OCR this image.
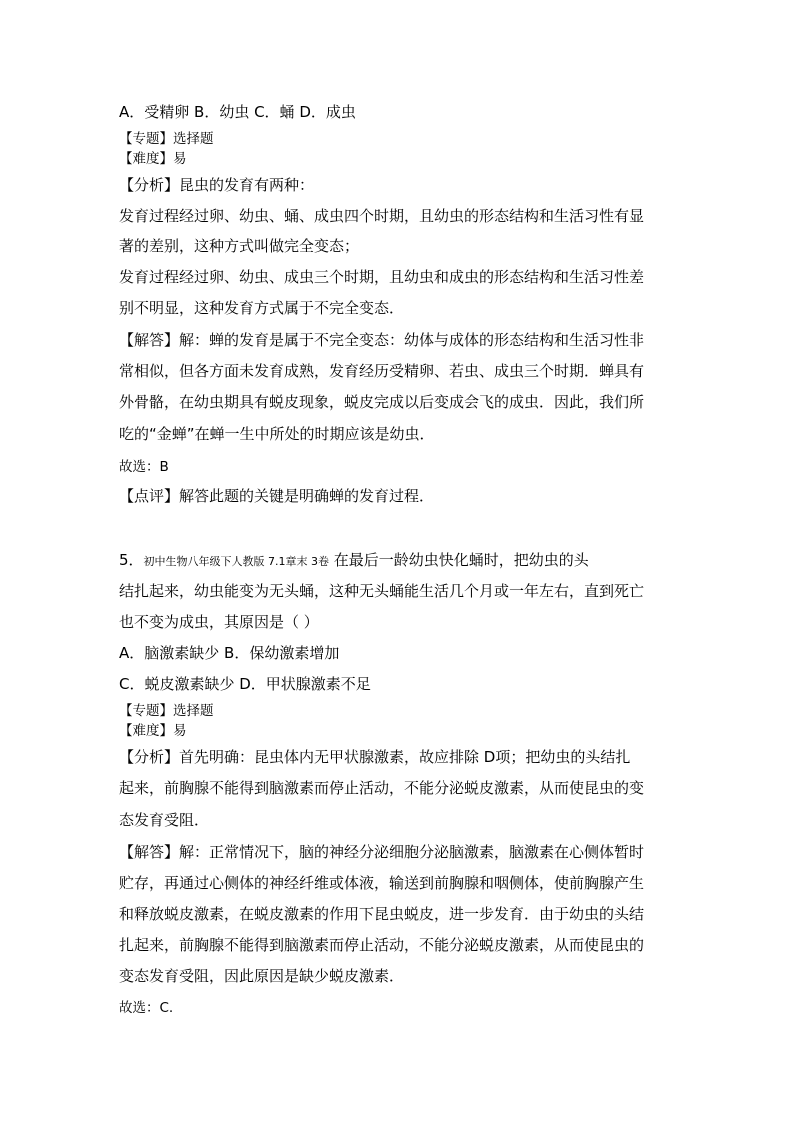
A．受精卵 B．幼虫 C．蛹 D．成虫
【专题】选择题
【难度】易
【分析】昆虫的发育有两种：
发育过程经过卵、幼虫、蛹、成虫四个时期，且幼虫的形态结构和生活习性有显
著的差别，这种方式叫做完全变态；
发育过程经过卵、幼虫、成虫三个时期，且幼虫和成虫的形态结构和生活习性差
别不明显，这种发育方式属于不完全变态．
【解答】解：蝉的发育是属于不完全变态：幼体与成体的形态结构和生活习性非
常相似，但各方面未发育成熟，发育经历受精卵、若虫、成虫三个时期．蝉具有
外骨骼，在幼虫期具有蜕皮现象，蜕皮完成以后变成会飞的成虫．因此，我们所
吃的“金蝉”在蝉一生中所处的时期应该是幼虫．
故选：B
【点评】解答此题的关键是明确蝉的发育过程．
5．初中生物八年级下人教版 7.1章末 3卷 在最后一龄幼虫快化蛹时，把幼虫的头
结扎起来，幼虫能变为无头蛹，这种无头蛹能生活几个月或一年左右，直到死亡
也不变为成虫，其原因是（ ）
A．脑激素缺少 B．保幼激素增加
C．蜕皮激素缺少 D．甲状腺激素不足
【专题】选择题
【难度】易
【分析】首先明确：昆虫体内无甲状腺激素，故应排除 D项；把幼虫的头结扎
起来，前胸腺不能得到脑激素而停止活动，不能分泌蜕皮激素，从而使昆虫的变
态发育受阻．
【解答】解：正常情况下，脑的神经分泌细胞分泌脑激素，脑激素在心侧体暂时
贮存，再通过心侧体的神经纤维或体液，输送到前胸腺和咽侧体，使前胸腺产生
和释放蜕皮激素，在蜕皮激素的作用下昆虫蜕皮，进一步发育．由于幼虫的头结
扎起来，前胸腺不能得到脑激素而停止活动，不能分泌蜕皮激素，从而使昆虫的
变态发育受阻，因此原因是缺少蜕皮激素．
故选：C.
